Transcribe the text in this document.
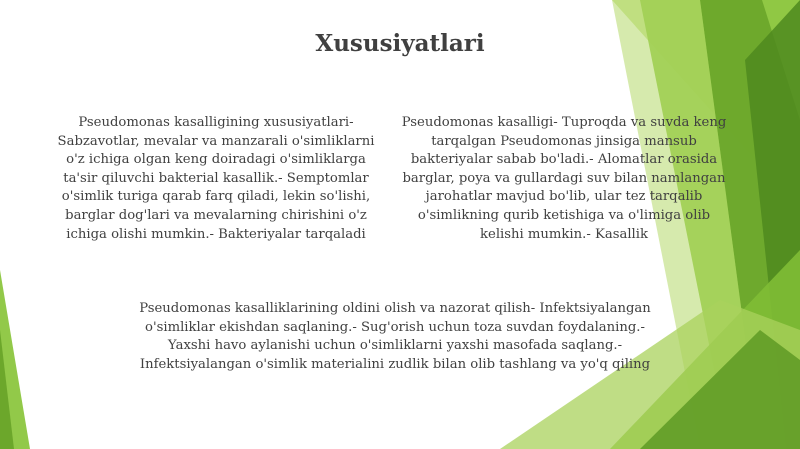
Xususiyatlari

Pseudomonas kasalligining xususiyatlari- Sabzavotlar, mevalar va manzarali o'simliklarni o'z ichiga olgan keng doiradagi o'simliklarga ta'sir qiluvchi bakterial kasallik.- Semptomlar o'simlik turiga qarab farq qiladi, lekin so'lishi, barglar dog'lari va mevalarning chirishini o'z ichiga olishi mumkin.- Bakteriyalar tarqaladi

Pseudomonas kasalligi- Tuproqda va suvda keng tarqalgan Pseudomonas jinsiga mansub bakteriyalar sabab bo'ladi.- Alomatlar orasida barglar, poya va gullardagi suv bilan namlangan jarohatlar mavjud bo'lib, ular tez tarqalib o'simlikning qurib ketishiga va o'limiga olib kelishi mumkin.- Kasallik

Pseudomonas kasalliklarining oldini olish va nazorat qilish- Infektsiyalangan o'simliklar ekishdan saqlaning.- Sug'orish uchun toza suvdan foydalaning.- Yaxshi havo aylanishi uchun o'simliklarni yaxshi masofada saqlang.- Infektsiyalangan o'simlik materialini zudlik bilan olib tashlang va yo'q qiling
